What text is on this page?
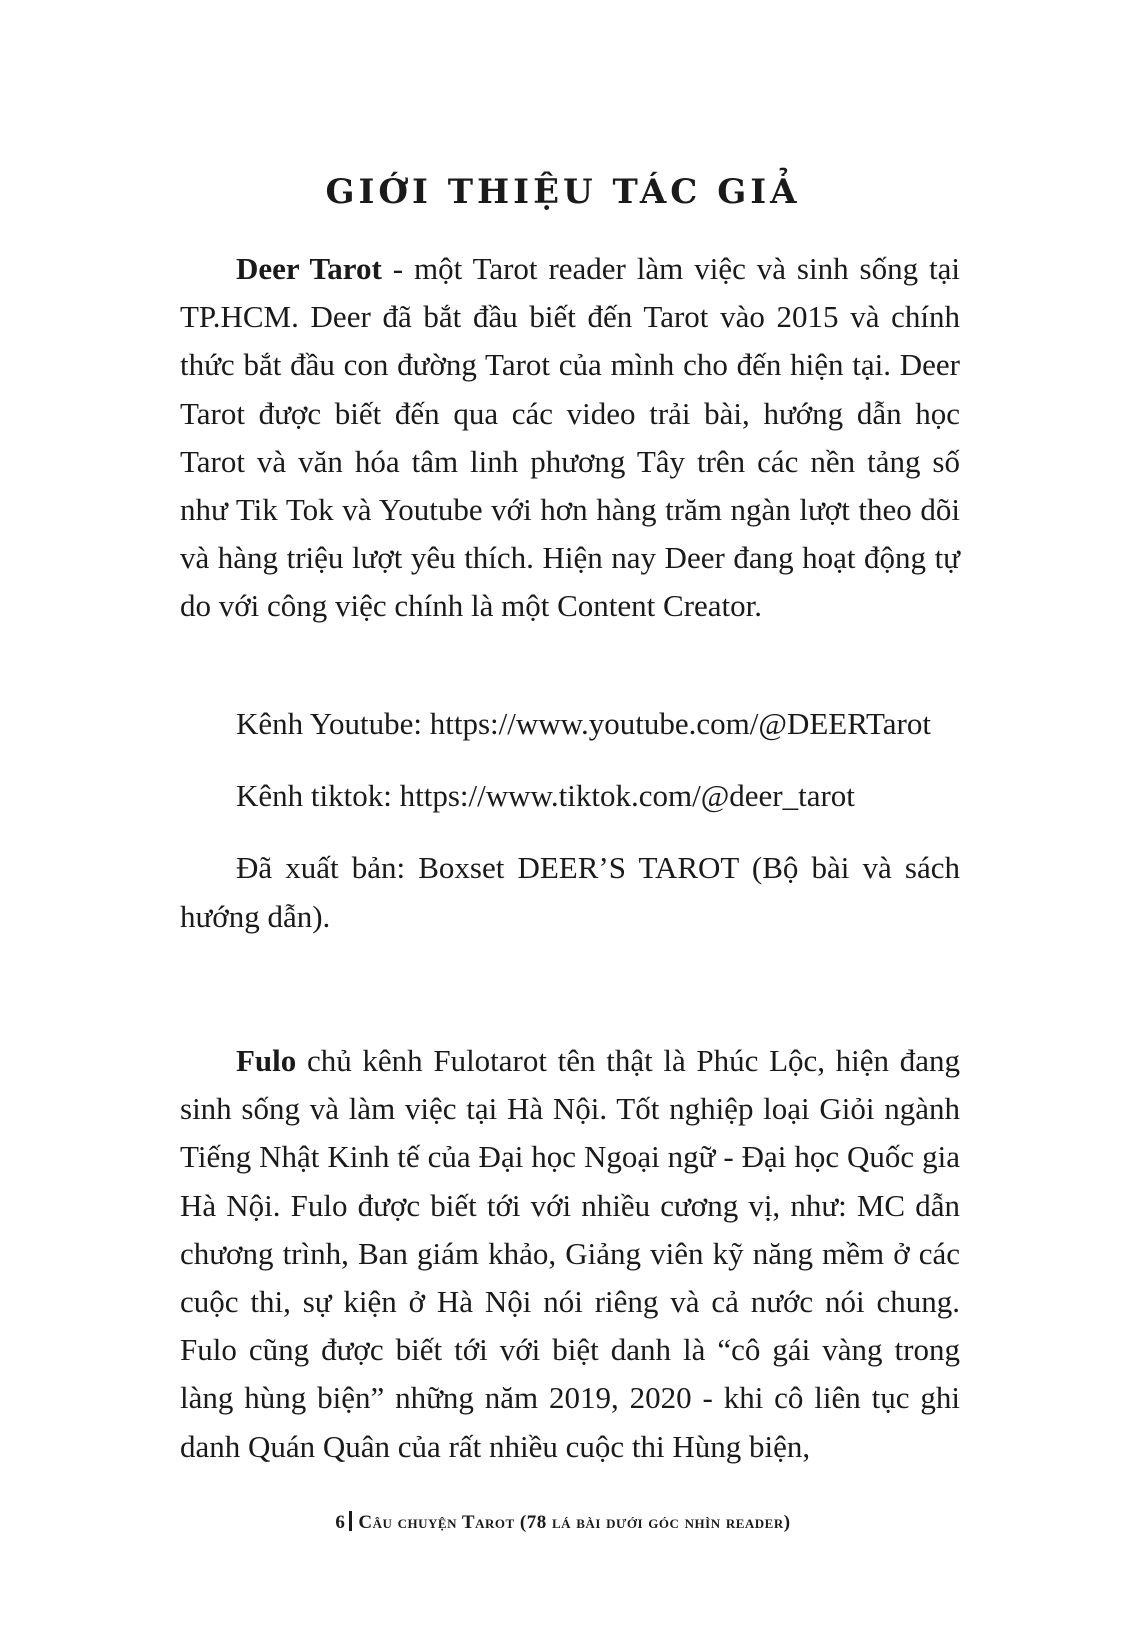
GIỚI THIỆU TÁC GIẢ

Deer Tarot - một Tarot reader làm việc và sinh sống tại TP.HCM. Deer đã bắt đầu biết đến Tarot vào 2015 và chính thức bắt đầu con đường Tarot của mình cho đến hiện tại. Deer Tarot được biết đến qua các video trải bài, hướng dẫn học Tarot và văn hóa tâm linh phương Tây trên các nền tảng số như Tik Tok và Youtube với hơn hàng trăm ngàn lượt theo dõi và hàng triệu lượt yêu thích. Hiện nay Deer đang hoạt động tự do với công việc chính là một Content Creator.

Kênh Youtube: https://www.youtube.com/@DEERTarot

Kênh tiktok: https://www.tiktok.com/@deer_tarot

Đã xuất bản: Boxset DEER’S TAROT (Bộ bài và sách hướng dẫn).

Fulo chủ kênh Fulotarot tên thật là Phúc Lộc, hiện đang sinh sống và làm việc tại Hà Nội. Tốt nghiệp loại Giỏi ngành Tiếng Nhật Kinh tế của Đại học Ngoại ngữ - Đại học Quốc gia Hà Nội. Fulo được biết tới với nhiều cương vị, như: MC dẫn chương trình, Ban giám khảo, Giảng viên kỹ năng mềm ở các cuộc thi, sự kiện ở Hà Nội nói riêng và cả nước nói chung. Fulo cũng được biết tới với biệt danh là “cô gái vàng trong làng hùng biện” những năm 2019, 2020 - khi cô liên tục ghi danh Quán Quân của rất nhiều cuộc thi Hùng biện,

6 Câu chuyện Tarot (78 lá bài dưới góc nhìn reader)
